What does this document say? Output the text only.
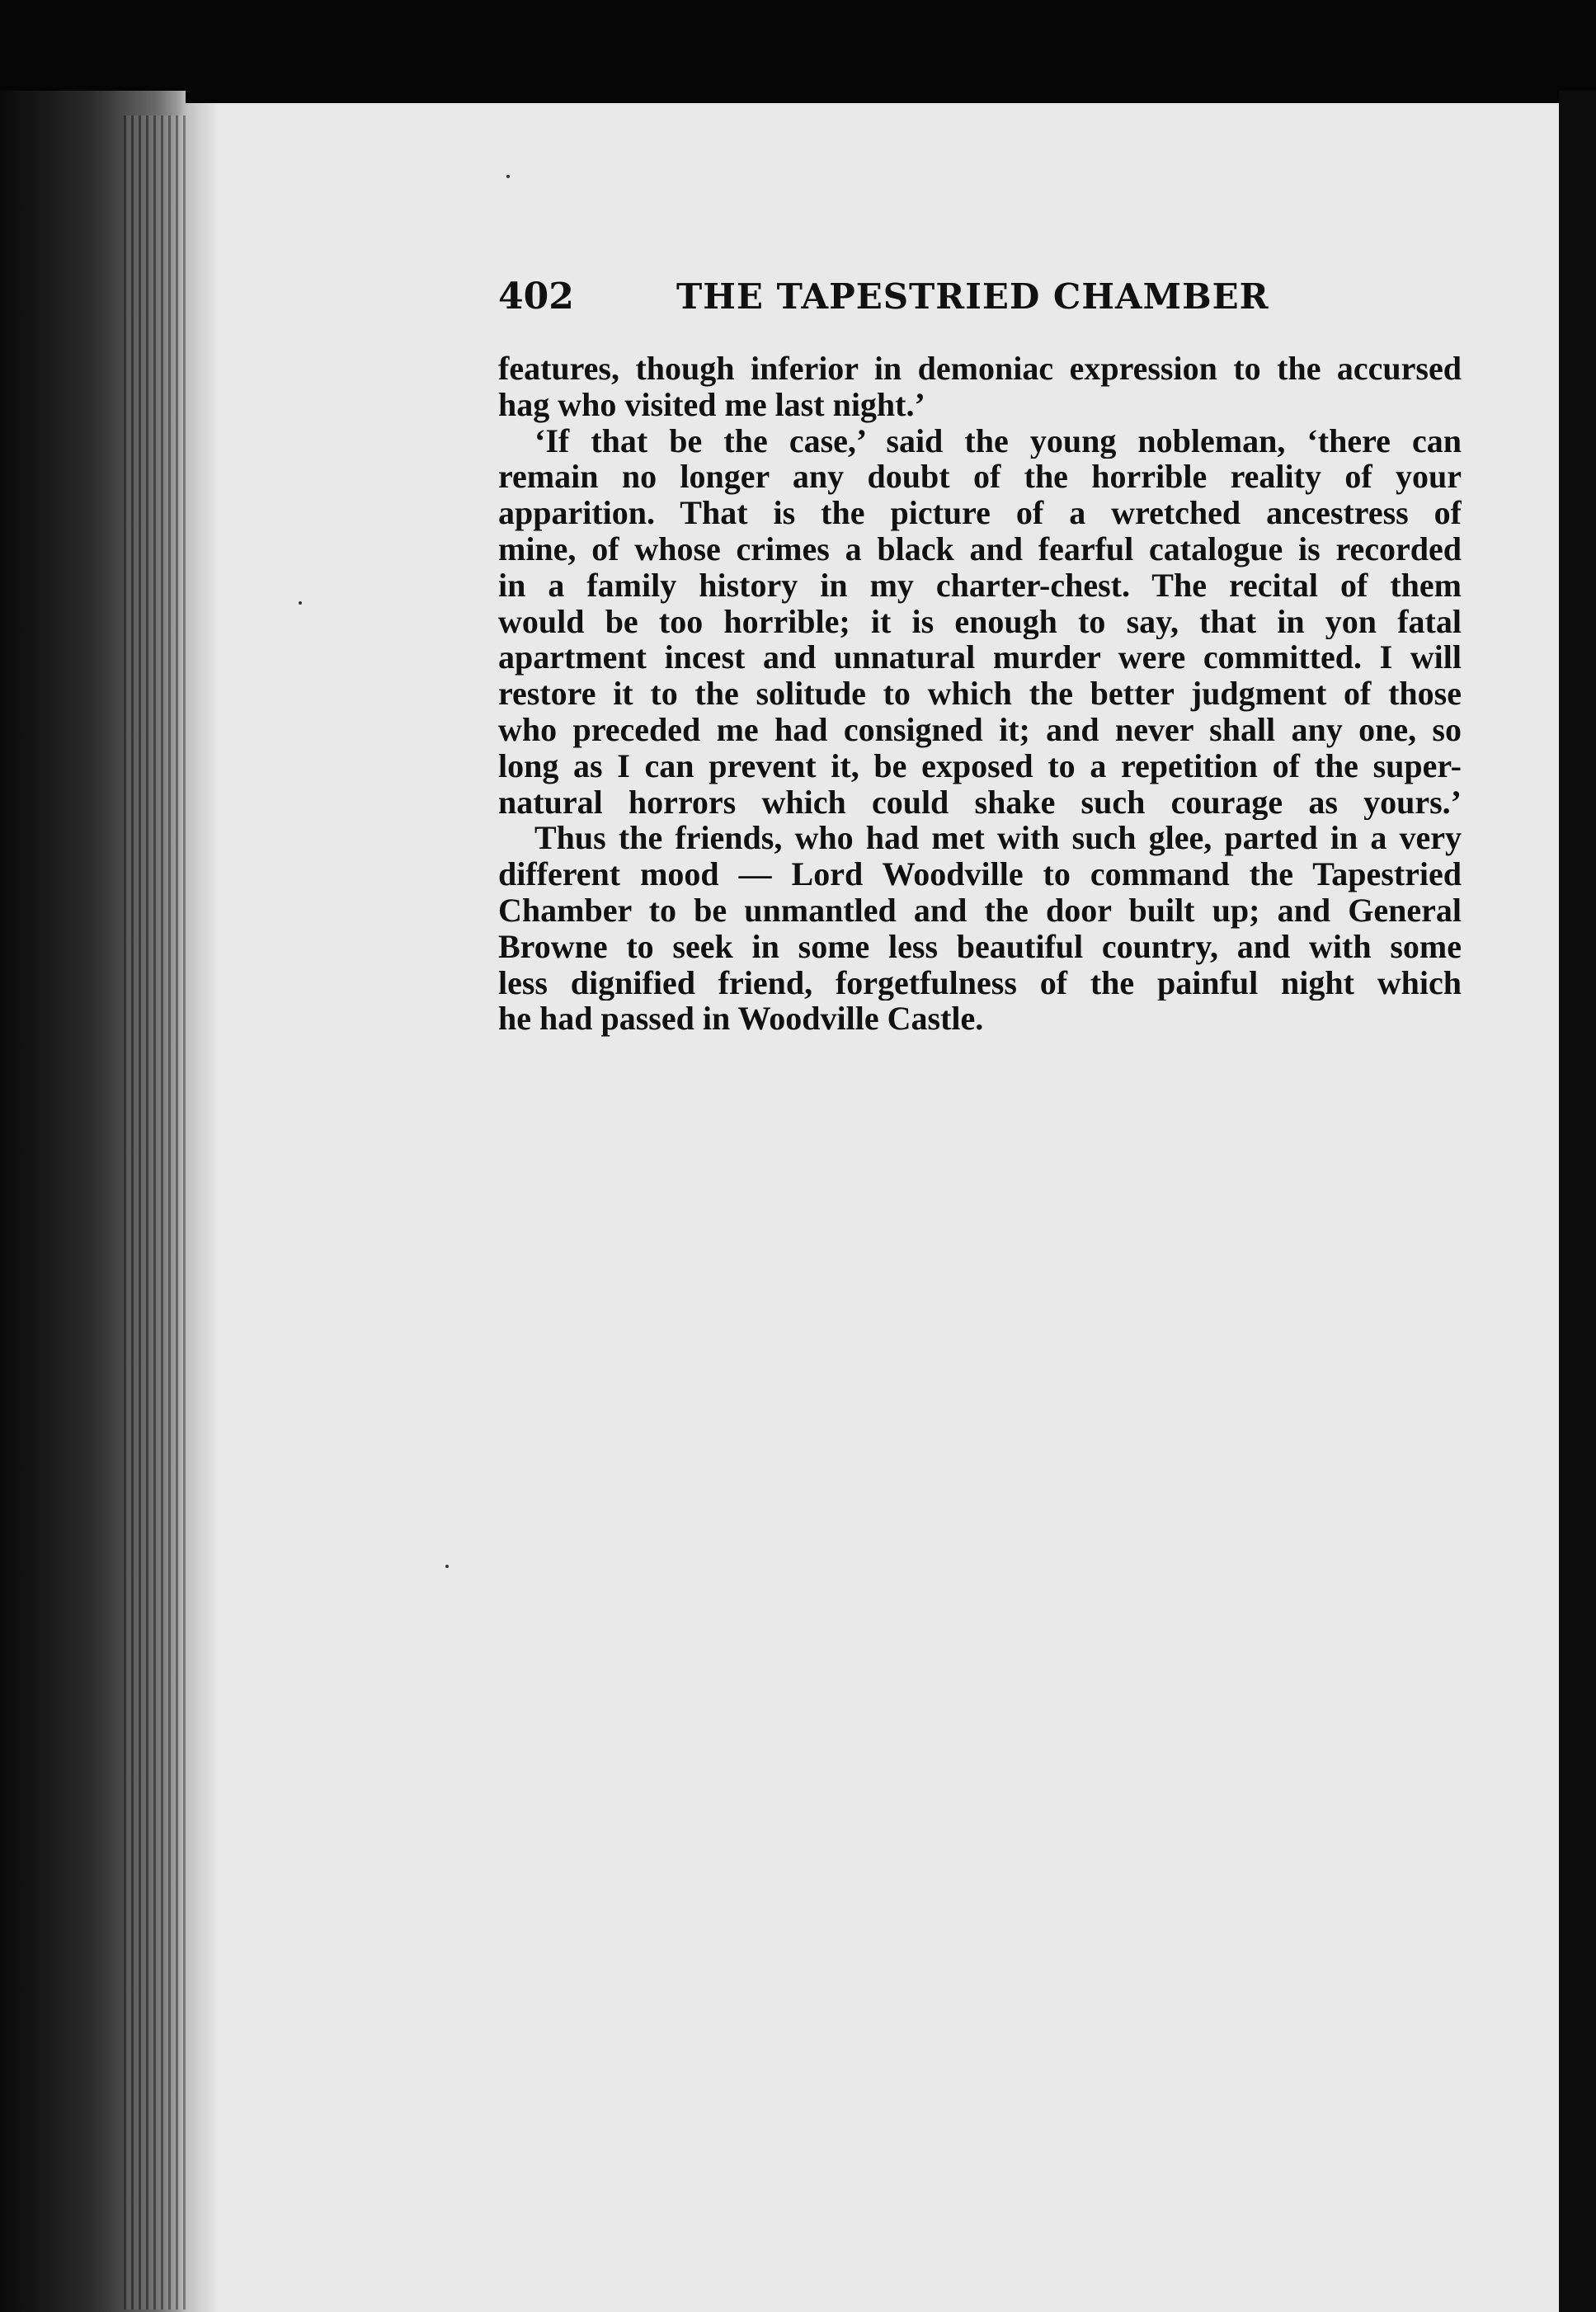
402	THE TAPESTRIED CHAMBER
features, though inferior in demoniac expression to the accursed
hag who visited me last night.’
‘If that be the case,’ said the young nobleman, ‘there can
remain no longer any doubt of the horrible reality of your
apparition. That is the picture of a wretched ancestress of
mine, of whose crimes a black and fearful catalogue is recorded
in a family history in my charter-chest. The recital of them
would be too horrible; it is enough to say, that in yon fatal
apartment incest and unnatural murder were committed. I will
restore it to the solitude to which the better judgment of those
who preceded me had consigned it; and never shall any one, so
long as I can prevent it, be exposed to a repetition of the super-
natural horrors which could shake such courage as yours.’
Thus the friends, who had met with such glee, parted in a very
different mood — Lord Woodville to command the Tapestried
Chamber to be unmantled and the door built up; and General
Browne to seek in some less beautiful country, and with some
less dignified friend, forgetfulness of the painful night which
he had passed in Woodville Castle.
